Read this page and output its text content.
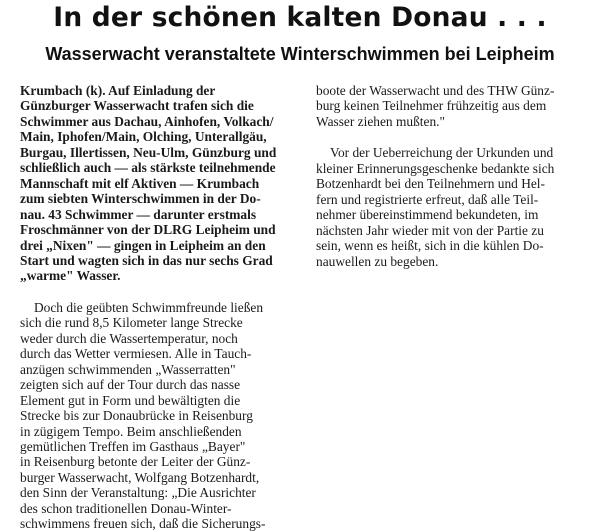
In der schönen kalten Donau . . .
Wasserwacht veranstaltete Winterschwimmen bei Leipheim
Krumbach (k). Auf Einladung der
Günzburger Wasserwacht trafen sich die
Schwimmer aus Dachau, Ainhofen, Volkach/
Main, Iphofen/Main, Olching, Unterallgäu,
Burgau, Illertissen, Neu-Ulm, Günzburg und
schließlich auch — als stärkste teilnehmende
Mannschaft mit elf Aktiven — Krumbach
zum siebten Winterschwimmen in der Do-
nau. 43 Schwimmer — darunter erstmals
Froschmänner von der DLRG Leipheim und
drei „Nixen" — gingen in Leipheim an den
Start und wagten sich in das nur sechs Grad
„warme" Wasser.
Doch die geübten Schwimmfreunde ließen
sich die rund 8,5 Kilometer lange Strecke
weder durch die Wassertemperatur, noch
durch das Wetter vermiesen. Alle in Tauch-
anzügen schwimmenden „Wasserratten"
zeigten sich auf der Tour durch das nasse
Element gut in Form und bewältigten die
Strecke bis zur Donaubrücke in Reisenburg
in zügigem Tempo. Beim anschließenden
gemütlichen Treffen im Gasthaus „Bayer"
in Reisenburg betonte der Leiter der Günz-
burger Wasserwacht, Wolfgang Botzenhardt,
den Sinn der Veranstaltung: „Die Ausrichter
des schon traditionellen Donau-Winter-
schwimmens freuen sich, daß die Sicherungs-
boote der Wasserwacht und des THW Günz-
burg keinen Teilnehmer frühzeitig aus dem
Wasser ziehen mußten."
Vor der Ueberreichung der Urkunden und
kleiner Erinnerungsgeschenke bedankte sich
Botzenhardt bei den Teilnehmern und Hel-
fern und registrierte erfreut, daß alle Teil-
nehmer übereinstimmend bekundeten, im
nächsten Jahr wieder mit von der Partie zu
sein, wenn es heißt, sich in die kühlen Do-
nauwellen zu begeben.
